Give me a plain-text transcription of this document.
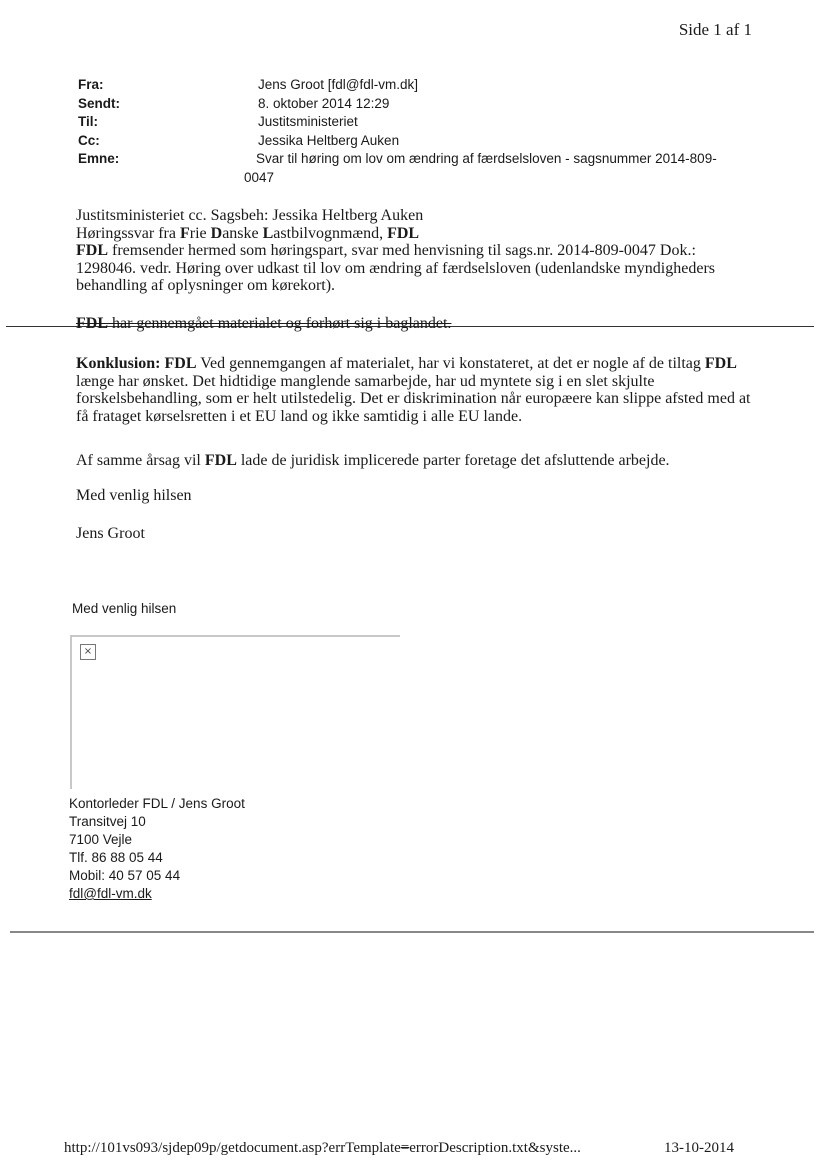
Side 1 af 1
Fra:	Jens Groot [fdl@fdl-vm.dk]
Sendt:	8. oktober 2014 12:29
Til:	Justitsministeriet
Cc:	Jessika Heltberg Auken
Emne:	Svar til høring om lov om ændring af færdselsloven - sagsnummer 2014-809-
0047
Justitsministeriet cc. Sagsbeh: Jessika Heltberg Auken
Høringssvar fra Frie Danske Lastbilvognmænd, FDL
FDL fremsender hermed som høringspart, svar med henvisning til sags.nr. 2014-809-0047 Dok.: 1298046. vedr. Høring over udkast til lov om ændring af færdselsloven (udenlandske myndigheders behandling af oplysninger om kørekort).
FDL har gennemgået materialet og forhørt sig i baglandet.
Konklusion: FDL Ved gennemgangen af materialet, har vi konstateret, at det er nogle af de tiltag FDL længe har ønsket. Det hidtidige manglende samarbejde, har ud myntete sig i en slet skjulte forskelsbehandling, som er helt utilstedelig. Det er diskrimination når europæere kan slippe afsted med at få frataget kørselsretten i et EU land og ikke samtidig i alle EU lande.
Af samme årsag vil FDL lade de juridisk implicerede parter foretage det afsluttende arbejde.
Med venlig hilsen
Jens Groot
Med venlig hilsen
×
Kontorleder FDL / Jens Groot
Transitvej 10
7100 Vejle
Tlf. 86 88 05 44
Mobil: 40 57 05 44
fdl@fdl-vm.dk
http://101vs093/sjdep09p/getdocument.asp?errTemplate=errorDescription.txt&syste...	13-10-2014
